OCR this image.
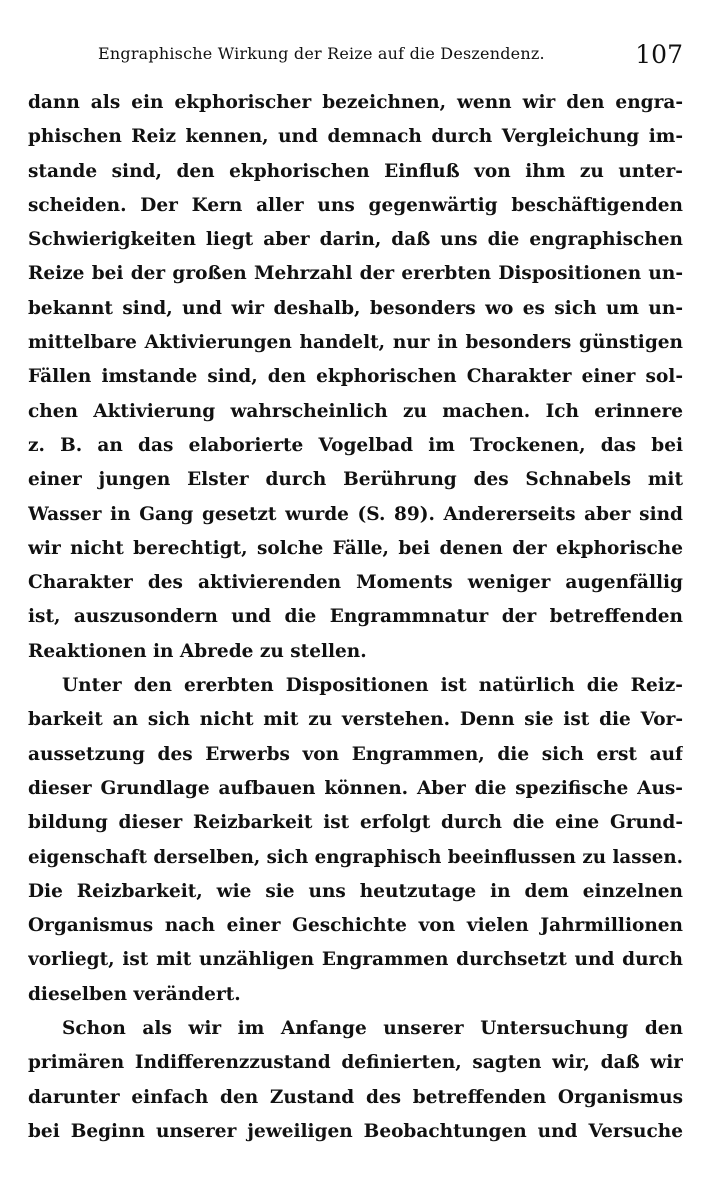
Engraphische Wirkung der Reize auf die Deszendenz.	107
dann als ein ekphorischer bezeichnen, wenn wir den engra-
phischen Reiz kennen, und demnach durch Vergleichung im-
stande sind, den ekphorischen Einfluß von ihm zu unter-
scheiden. Der Kern aller uns gegenwärtig beschäftigenden
Schwierigkeiten liegt aber darin, daß uns die engraphischen
Reize bei der großen Mehrzahl der ererbten Dispositionen un-
bekannt sind, und wir deshalb, besonders wo es sich um un-
mittelbare Aktivierungen handelt, nur in besonders günstigen
Fällen imstande sind, den ekphorischen Charakter einer sol-
chen Aktivierung wahrscheinlich zu machen. Ich erinnere
z. B. an das elaborierte Vogelbad im Trockenen, das bei
einer jungen Elster durch Berührung des Schnabels mit
Wasser in Gang gesetzt wurde (S. 89). Andererseits aber sind
wir nicht berechtigt, solche Fälle, bei denen der ekphorische
Charakter des aktivierenden Moments weniger augenfällig
ist, auszusondern und die Engrammnatur der betreffenden
Reaktionen in Abrede zu stellen.
Unter den ererbten Dispositionen ist natürlich die Reiz-
barkeit an sich nicht mit zu verstehen. Denn sie ist die Vor-
aussetzung des Erwerbs von Engrammen, die sich erst auf
dieser Grundlage aufbauen können. Aber die spezifische Aus-
bildung dieser Reizbarkeit ist erfolgt durch die eine Grund-
eigenschaft derselben, sich engraphisch beeinflussen zu lassen.
Die Reizbarkeit, wie sie uns heutzutage in dem einzelnen
Organismus nach einer Geschichte von vielen Jahrmillionen
vorliegt, ist mit unzähligen Engrammen durchsetzt und durch
dieselben verändert.
Schon als wir im Anfange unserer Untersuchung den
primären Indifferenzzustand definierten, sagten wir, daß wir
darunter einfach den Zustand des betreffenden Organismus
bei Beginn unserer jeweiligen Beobachtungen und Versuche
